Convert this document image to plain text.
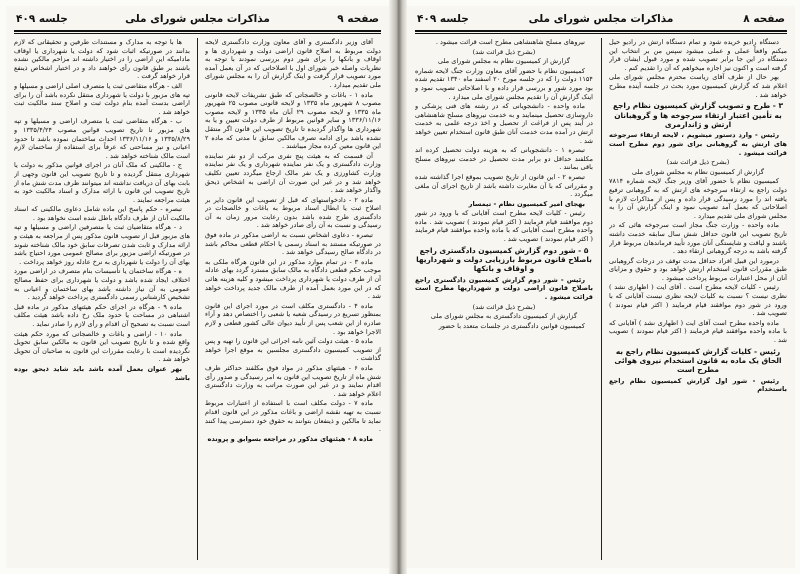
صفحه ۹
مذاکرات مجلس شورای ملی
جلسه ۴۰۹

آقای وزیر دادگستری و آقای معاون وزارت دادگستری لایحه دولت مربوط به اصلاح قانون اراضی دولت و شهرداری ها و اوقاف و بانکها را برای شور دوم بررسی نمودند با توجه به نظریات واصله خبر شورای اول با اصلاحاتی که در آن بعمل آمده مورد تصویب قرار گرفت و اینک گزارش آن را به مجلس شورای ملی تقدیم میدارد .

ماده ۱ - باغات و خالصجاتی که طبق تشریفات لایحه قانونی مصوب ۸ شهریور ماه ۱۳۳۵ و لایحه قانونی مصوب ۲۵ شهریور ماه ۱۳۳۵ و لایحه مصوب ۲۹ آبان ماه ۱۳۳۵ و لایحه مصوب ۱۳۳۶/۱۱/۱۶ و سایر قوانین مربوط از طرف دولت تعیین و یا به شهرداری ها واگذار گردیده تا تاریخ تصویب این قانون اگر منتقل نشده باشد برای ادامه تصرف مالکین سابق تا مدتی که ماده ۲ این قانون معین کرده مجاز میباشند .

آن قسمت که به هیئت پنج نفری مرکب از دو نفر نماینده وزارت دادگستری و یک نفر نماینده شهرداری و یک نفر نماینده وزارت کشاورزی و یک نفر مالک ارجاع میگردد تعیین تکلیف خواهد شد و در غیر این صورت آن اراضی به اشخاص ذیحق واگذار خواهد شد .

ماده ۲ - دادخواستهای که قبل از تصویب این قانون دایر بر اصلاح ثبت یا ابطال اسناد مربوط به باغات و خالصجات در دادگستری طرح شده باشد بدون رعایت مرور زمان به آن رسیدگی و نسبت به آن رأی صادر خواهد شد .

تبصره - دعاوی اشخاص نسبت به اراضی مذکور در ماده فوق در صورتیکه مستند به اسناد رسمی یا احکام قطعی محاکم باشد در دادگاه صالح رسیدگی خواهد شد .

ماده ۳ - در تمام موارد مذکور در این قانون هرگاه ملکی به موجب حکم قطعی دادگاه به مالک سابق مسترد گردد بهای عادله آن از طرف دولت یا شهرداری پرداخت میشود و کلیه هزینه هائی که در این مورد بعمل آمده از طرف مالک جدید پرداخت خواهد شد .

ماده ۴ - دادگستری مکلف است در مورد اجرای این قانون بمنظور تسریع در رسیدگی شعبه یا شعبی را اختصاص دهد و آراء صادره از این شعب پس از تأیید دیوان عالی کشور قطعی و لازم الاجرا خواهد بود .

ماده ۵ - هیئت دولت آئین نامه اجرائی این قانون را تهیه و پس از تصویب کمیسیون دادگستری مجلسین به موقع اجرا خواهد گذاشت .

ماده ۶ - هیئتهای مذکور در مواد فوق مکلفند حداکثر ظرف شش ماه از تاریخ تصویب این قانون به امر رسیدگی و صدور رأی اقدام نمایند و در غیر این صورت مراتب به وزارت دادگستری اعلام خواهد شد .

ماده ۷ - دولت مکلف است با استفاده از اعتبارات مربوط نسبت به تهیه نقشه اراضی و باغات مذکور در این قانون اقدام نماید تا مالکین و ذینفعان بتوانند به حقوق خود دسترسی پیدا کنند .

ماده ۸ - هیئتهای مذکور در مراجعه بسوابق و پرونده

ها با توجه به مدارک و مستندات طرفین و تحقیقاتی که لازم بدانند در صورتیکه اثبات شود که دولت یا شهرداری یا اوقاف مادامیکه این اراضی را در اختیار داشته اند مزاحم مالکین نشده باشند بر طبق قانون رأی خواهند داد و در اختیار اشخاص ذینفع قرار خواهد گرفت .

الف - هرگاه متقاضی ثبت یا متصرف اصلی اراضی و مسیلها و تپه های مزبور با دولت یا شهرداری منتقل نکرده باشد آن را برای اراضی بدست آمده بنام دولت ثبت و اصلاح سند مالکیت ثبت خواهد شد .

ب - هرگاه متقاضی ثبت یا متصرف اراضی و مسیلها و تپه های مزبور تا تاریخ تصویب قوانین مصوب ۱۳۳۵/۴/۲۴ و ۱۳۳۵/۸/۲۹ و ۱۳۳۶/۱۱/۱۶ احداث ساختمان نموده باشد تا حدود اعیانی و نیز مساحتی که عرفاً برای استفاده از ساختمان لازم است مالک شناخته خواهد شد .

ج - مالکینی که ملک آنان در اجرای قوانین مذکور به دولت یا شهرداری منتقل گردیده و تا تاریخ تصویب این قانون وجهی از بابت بهای آن دریافت نداشته اند میتوانند ظرف مدت شش ماه از تاریخ تصویب این قانون با ارائه مدارک و اسناد مالکیت خود به هیئت مراجعه نمایند .

تبصره - حکم پاسخ این ماده شامل دعاوی مالکینی که اسناد مالکیت آنان از طرف دادگاه باطل شده است نخواهد بود .

د - هرگاه متقاضیان ثبت یا متصرفین اراضی و مسیلها و تپه های مزبور قبل از تصویب قانون مذکور پس از مراجعه به هیئت و ارائه مدارک و ثابت شدن تصرفات سابق خود مالک شناخته شوند در صورتیکه اراضی مزبور برای مصالح عمومی مورد احتیاج باشد بهای آن را دولت یا شهرداری به نرخ عادله روز خواهد پرداخت .

ه - هرگاه ساختمان یا تأسیسات بنام متصرف در اراضی مورد اختلاف ایجاد شده باشد و دولت یا شهرداری برای حفظ مصالح عمومی به آن نیاز داشته باشد بهای ساختمان و اعیانی به تشخیص کارشناس رسمی دادگستری پرداخت خواهد گردید .

ماده ۹ - هرگاه در اجرای حکم هیئتهای مذکور در ماده قبل اشتباهی در مساحت یا حدود ملک رخ داده باشد هیئت مکلف است نسبت به تصحیح آن اقدام و رأی لازم را صادر نماید .

ماده ۱۰ - اراضی و باغات و خالصجاتی که مورد حکم هیئت واقع شده و تا تاریخ تصویب این قانون به مالکین سابق تحویل نگردیده است با رعایت مقررات این قانون به صاحبان آن تحویل خواهد شد .

بهر عنوان بعمل آمده باشد باید شاید ذیحق بوده باشد

صفحه ۸
مذاکرات مجلس شورای ملی
جلسه ۴۰۹

دستگاه رادیو خریده شود و تمام دستگاه ارتش در رادیو حیل میکنم واقعاً عملی و عملی میشود سپس من بر انتخاب این دستگاه در این جا برابر تصویب شده و مورد قبول ایشان قرار گرفته است و اکنون نیز اجازه میخواهم که آن را تقدیم کنم .

بهر حال از طرف آقای ریاست محترم مجلس شورای ملی اعلام شد که گزارش کمیسیون مورد بحث در جلسه آینده مطرح خواهد شد .

۳ - طرح و تصویب گزارش کمیسیون نظام راجع به تأمین اعتبار ارتقاء سرجوخه ها و گروهبانان ارتش و ژاندارمری

رئیس - وارد دستور میشویم ، لایحه ارتقاء سرجوخه های ارتش به گروهبانی برای شور دوم مطرح است قرائت میشود .

(بشرح ذیل قرائت شد)

گزارش از کمیسیون نظام به مجلس شورای ملی

کمیسیون نظام با حضور آقای وزیر جنگ لایحه شماره ۷۸۱۴ دولت راجع به ارتقاء سرجوخه های ارتش که به گروهبانی ترفیع یافته اند را مورد رسیدگی قرار داده و پس از مذاکرات لازم با اصلاحاتی که بعمل آمد تصویب نمود و اینک گزارش آن را به مجلس شورای ملی تقدیم میدارد .

ماده واحده - وزارت جنگ مجاز است سرجوخه هائی که در تاریخ تصویب این قانون حداقل شش سال سابقه خدمت داشته باشند و لیاقت و شایستگی آنان مورد تأیید فرماندهان مربوط قرار گرفته باشد به درجه گروهبانی ارتقاء دهد .

درمورد این قبیل افراد حداقل مدت توقف در درجات گروهبانی طبق مقررات قانون استخدام ارتش خواهد بود و حقوق و مزایای آنان از محل اعتبارات مربوط پرداخت میشود .

رئیس - کلیات لایحه مطرح است . آقای ایت ( اظهاری نشد ) نظری نیست ؟ نسبت به کلیات لایحه نظری نیست آقایانی که با ورود در شور دوم موافقند قیام فرمایند ( اکثر قیام نمودند ) تصویب شد .

ماده واحده مطرح است آقای ایت ( اظهاری نشد ) آقایانی که با ماده واحده موافقند قیام فرمایند ( اکثر قیام نمودند ) تصویب شد .

رئیس - کلیات گزارش کمیسیون نظام راجع به الحاق یک ماده به قانون استخدام نیروی هوائی مطرح است

رئیس - شور اول گزارش کمیسیون نظام راجع باستخدام

نیروهای مسلح شاهنشاهی مطرح است قرائت میشود .

(بشرح ذیل قرائت شد)

گزارش از کمیسیون نظام به مجلس شورای ملی

کمیسیون نظام با حضور آقای معاون وزارت جنگ لایحه شماره ۱۱۵۴ دولت را که در جلسه مورخ ۲۰ اسفند ماه ۱۳۴۰ تقدیم شده بود مورد شور و بررسی قرار داده و با اصلاحاتی تصویب نمود و اینک گزارش آن را تقدیم مجلس شورای ملی میدارد .

ماده واحده - دانشجویانی که در رشته های فنی پزشکی و داروسازی تحصیل مینمایند و به خدمت نیروهای مسلح شاهنشاهی در آیند پس از فراغت از تحصیل و اخذ درجه علمی به خدمت ارتش در آمده مدت خدمت آنان طبق قانون استخدام تعیین خواهد شد .

تبصره ۱ - دانشجویانی که به هزینه دولت تحصیل کرده اند مکلفند حداقل دو برابر مدت تحصیل در خدمت نیروهای مسلح باقی بمانند .

تبصره ۲ - این قانون از تاریخ تصویب بموقع اجرا گذاشته شده و مقرراتی که با آن مغایرت داشته باشد از تاریخ اجرای آن ملغی میگردد .

بهجای امیر کمیسیون نظام - تیمسار

رئیس - کلیات لایحه مطرح است آقایانی که با ورود در شور دوم موافقند قیام فرمایند ( اکثر قیام نمودند ) تصویب شد . ماده واحده مطرح است آقایانی که با ماده واحده موافقند قیام فرمایند ( اکثر قیام نمودند ) تصویب شد .

۵ - شور دوم گزارش کمیسیون دادگستری راجع باصلاح قانون مربوط بارزیابی دولت و شهرداریها و اوقاف و بانکها

رئیس - شور دوم گزارش کمیسیون دادگستری راجع باصلاح قانون اراضی دولت و شهرداریها مطرح است قرائت میشود .

(بشرح ذیل قرائت شد)

گزارش از کمیسیون دادگستری به مجلس شورای ملی

کمیسیون قوانین دادگستری در جلسات متعدد با حضور
